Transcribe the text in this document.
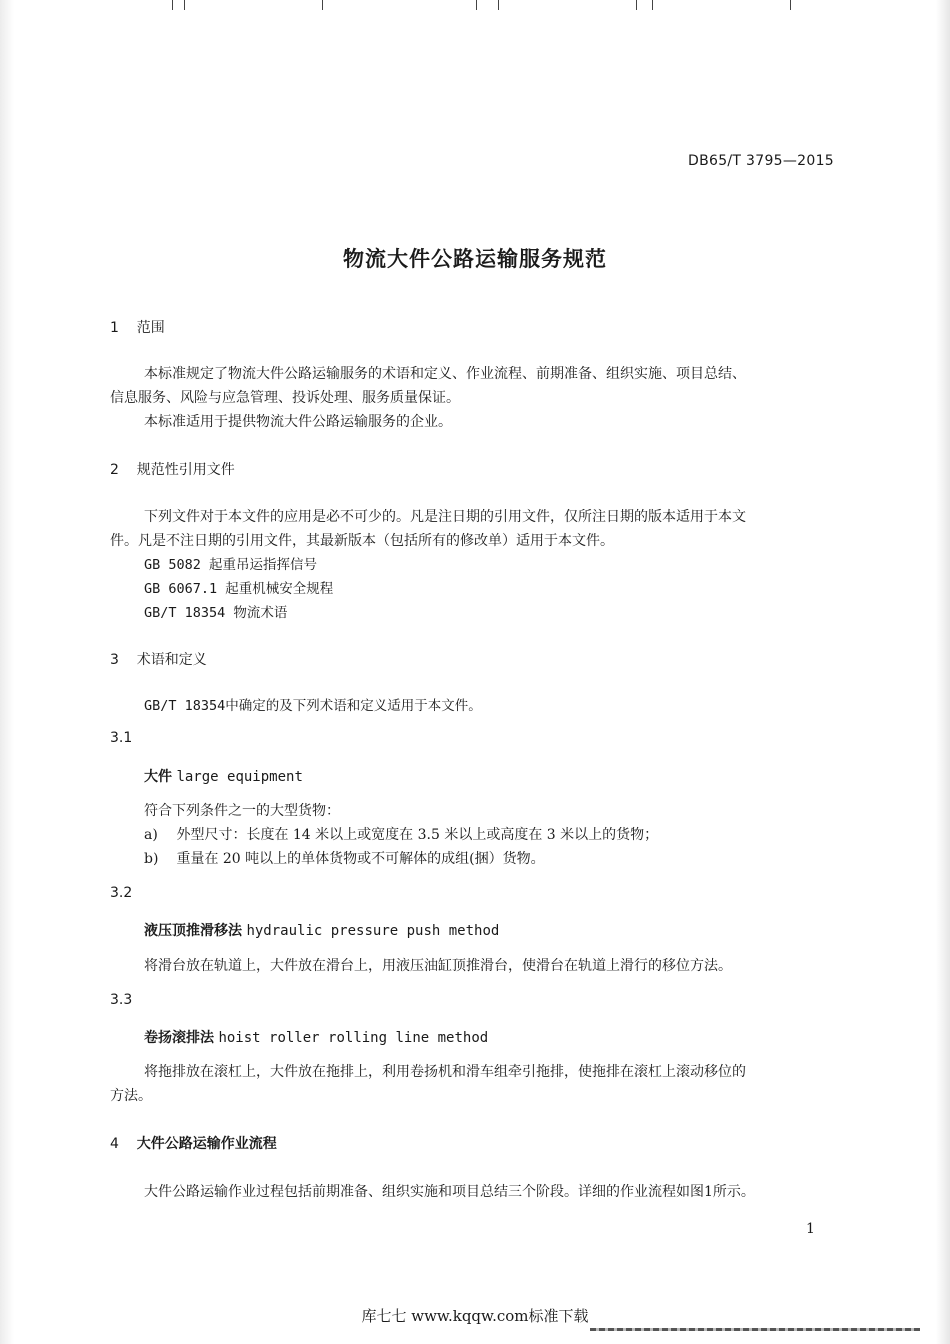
DB65/T 3795—2015
物流大件公路运输服务规范
1 范围
本标准规定了物流大件公路运输服务的术语和定义、作业流程、前期准备、组织实施、项目总结、
信息服务、风险与应急管理、投诉处理、服务质量保证。
本标准适用于提供物流大件公路运输服务的企业。
2 规范性引用文件
下列文件对于本文件的应用是必不可少的。凡是注日期的引用文件，仅所注日期的版本适用于本文
件。凡是不注日期的引用文件，其最新版本（包括所有的修改单）适用于本文件。
GB 5082 起重吊运指挥信号
GB 6067.1 起重机械安全规程
GB/T 18354 物流术语
3 术语和定义
GB/T 18354中确定的及下列术语和定义适用于本文件。
3.1
大件 large equipment
符合下列条件之一的大型货物：
a) 外型尺寸：长度在 14 米以上或宽度在 3.5 米以上或高度在 3 米以上的货物；
b) 重量在 20 吨以上的单体货物或不可解体的成组(捆）货物。
3.2
液压顶推滑移法 hydraulic pressure push method
将滑台放在轨道上，大件放在滑台上，用液压油缸顶推滑台，使滑台在轨道上滑行的移位方法。
3.3
卷扬滚排法 hoist roller rolling line method
将拖排放在滚杠上，大件放在拖排上，利用卷扬机和滑车组牵引拖排，使拖排在滚杠上滚动移位的
方法。
4 大件公路运输作业流程
大件公路运输作业过程包括前期准备、组织实施和项目总结三个阶段。详细的作业流程如图1所示。
1
库七七 www.kqqw.com标准下载
